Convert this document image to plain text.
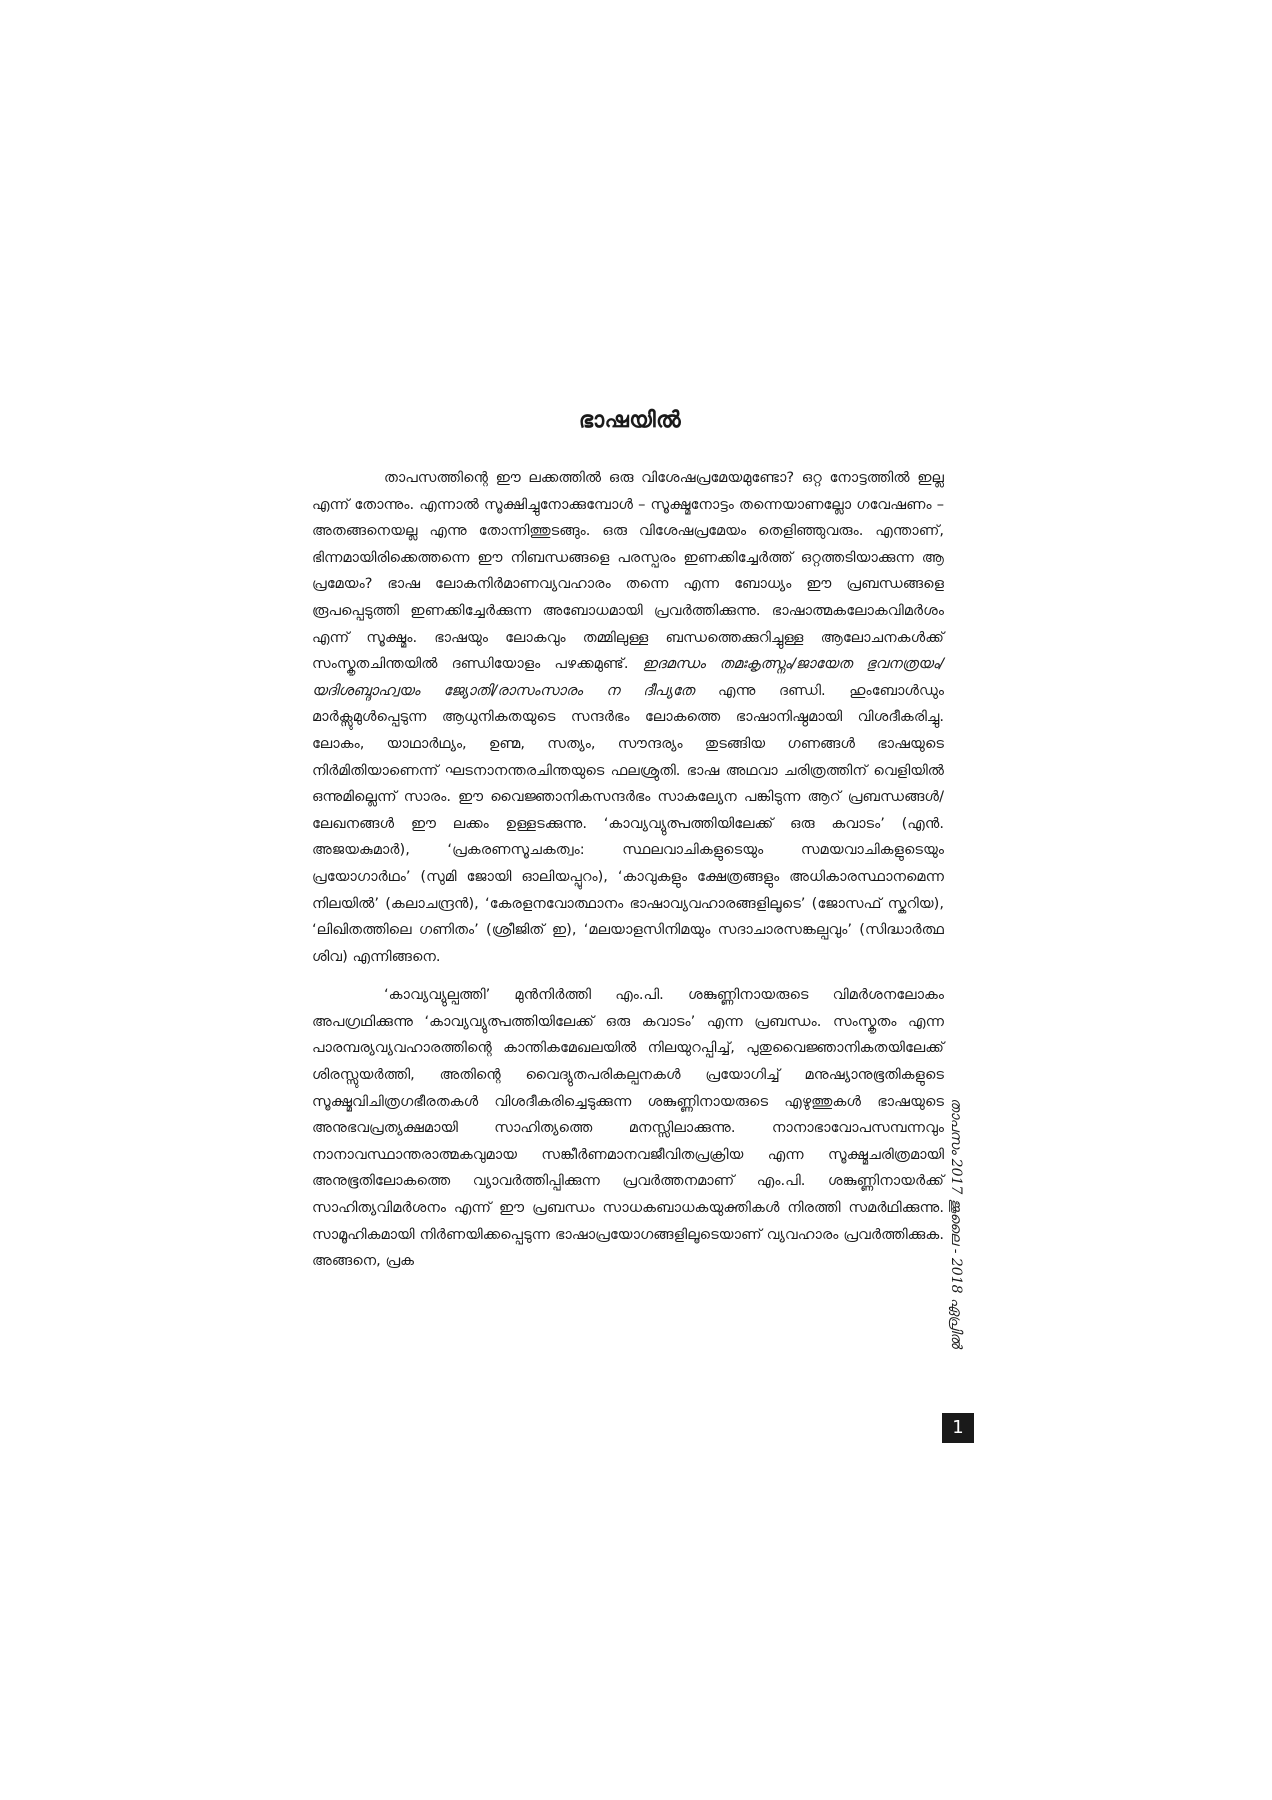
ഭാഷയിൽ

താപസത്തിന്റെ ഈ ലക്കത്തിൽ ഒരു വിശേഷപ്രമേയമുണ്ടോ? ഒറ്റ നോട്ടത്തിൽ ഇല്ല എന്ന് തോന്നും. എന്നാൽ സൂക്ഷിച്ചുനോക്കുമ്പോൾ – സൂക്ഷ്മനോട്ടം തന്നെയാണല്ലോ ഗവേഷണം – അതങ്ങനെയല്ല എന്നു തോന്നിത്തുടങ്ങും. ഒരു വിശേഷപ്രമേയം തെളിഞ്ഞുവരും. എന്താണ്, ഭിന്നമായിരിക്കെത്തന്നെ ഈ നിബന്ധങ്ങളെ പരസ്പരം ഇണക്കിച്ചേർത്ത് ഒറ്റത്തടിയാക്കുന്ന ആ പ്രമേയം? ഭാഷ ലോകനിർമാണവ്യവഹാരം തന്നെ എന്ന ബോധ്യം ഈ പ്രബന്ധങ്ങളെ രൂപപ്പെടുത്തി ഇണക്കിച്ചേർക്കുന്ന അബോധമായി പ്രവർത്തിക്കുന്നു. ഭാഷാത്മകലോകവിമർശം എന്ന് സൂക്ഷ്മം. ഭാഷയും ലോകവും തമ്മിലുള്ള ബന്ധത്തെക്കുറിച്ചുള്ള ആലോചനകൾക്ക് സംസ്കൃതചിന്തയിൽ ദണ്ഡിയോളം പഴക്കമുണ്ട്. ഇദമന്ധം തമഃകൃത്സ്നം/ജായേത ഭുവനത്രയം/യദിശബ്ദാഹ്വയം ജ്യോതി/രാസംസാരം ന ദീപ്യതേ എന്നു ദണ്ഡി. ഹുംബോൾഡും മാർക്സുമുൾപ്പെടുന്ന ആധുനികതയുടെ സന്ദർഭം ലോകത്തെ ഭാഷാനിഷ്ഠമായി വിശദീകരിച്ചു. ലോകം, യാഥാർഥ്യം, ഉണ്മ, സത്യം, സൗന്ദര്യം തുടങ്ങിയ ഗണങ്ങൾ ഭാഷയുടെ നിർമിതിയാണെന്ന് ഘടനാനന്തരചിന്തയുടെ ഫലശ്രുതി. ഭാഷ അഥവാ ചരിത്രത്തിന് വെളിയിൽ ഒന്നുമില്ലെന്ന് സാരം. ഈ വൈജ്ഞാനികസന്ദർഭം സാകല്യേന പങ്കിടുന്ന ആറ് പ്രബന്ധങ്ങൾ/ലേഖനങ്ങൾ ഈ ലക്കം ഉള്ളടക്കുന്നു. ‘കാവ്യവ്യുത്പത്തിയിലേക്ക് ഒരു കവാടം’ (എൻ. അജയകുമാർ), ‘പ്രകരണസൂചകത്വം: സ്ഥലവാചികളുടെയും സമയവാചികളുടെയും പ്രയോഗാർഥം’ (സുമി ജോയി ഓലിയപ്പുറം), ‘കാവുകളും ക്ഷേത്രങ്ങളും അധികാരസ്ഥാനമെന്ന നിലയിൽ’ (കലാചന്ദ്രൻ), ‘കേരളനവോത്ഥാനം ഭാഷാവ്യവഹാരങ്ങളിലൂടെ’ (ജോസഫ് സ്കറിയ), ‘ലിഖിതത്തിലെ ഗണിതം’ (ശ്രീജിത് ഇ), ‘മലയാളസിനിമയും സദാചാരസങ്കല്പവും’ (സിദ്ധാർത്ഥ ശിവ) എന്നിങ്ങനെ.

‘കാവ്യവ്യുല്പത്തി’ മുൻനിർത്തി എം.പി. ശങ്കുണ്ണിനായരുടെ വിമർശനലോകം അപഗ്രഥിക്കുന്നു ‘കാവ്യവ്യുത്പത്തിയിലേക്ക് ഒരു കവാടം’ എന്ന പ്രബന്ധം. സംസ്കൃതം എന്ന പാരമ്പര്യവ്യവഹാരത്തിന്റെ കാന്തികമേഖലയിൽ നിലയുറപ്പിച്ച്, പുതുവൈജ്ഞാനികതയിലേക്ക് ശിരസ്സുയർത്തി, അതിന്റെ വൈദ്യുതപരികല്പനകൾ പ്രയോഗിച്ച് മനുഷ്യാനുഭൂതികളുടെ സൂക്ഷ്മവിചിത്രഗഭീരതകൾ വിശദീകരിച്ചെടുക്കുന്ന ശങ്കുണ്ണിനായരുടെ എഴുത്തുകൾ ഭാഷയുടെ അനുഭവപ്രത്യക്ഷമായി സാഹിത്യത്തെ മനസ്സിലാക്കുന്നു. നാനാഭാവോപസമ്പന്നവും നാനാവസ്ഥാന്തരാത്മകവുമായ സങ്കീർണമാനവജീവിതപ്രക്രിയ എന്ന സൂക്ഷ്മചരിത്രമായി അനുഭൂതിലോകത്തെ വ്യാവർത്തിപ്പിക്കുന്ന പ്രവർത്തനമാണ് എം.പി. ശങ്കുണ്ണിനായർക്ക് സാഹിത്യവിമർശനം എന്ന് ഈ പ്രബന്ധം സാധകബാധകയുക്തികൾ നിരത്തി സമർഥിക്കുന്നു. സാമൂഹികമായി നിർണയിക്കപ്പെടുന്ന ഭാഷാപ്രയോഗങ്ങളിലൂടെയാണ് വ്യവഹാരം പ്രവർത്തിക്കുക. അങ്ങനെ, പ്രക	താപസം 2017 ജൂലൈ - 2018 ഏപ്രിൽ
1
